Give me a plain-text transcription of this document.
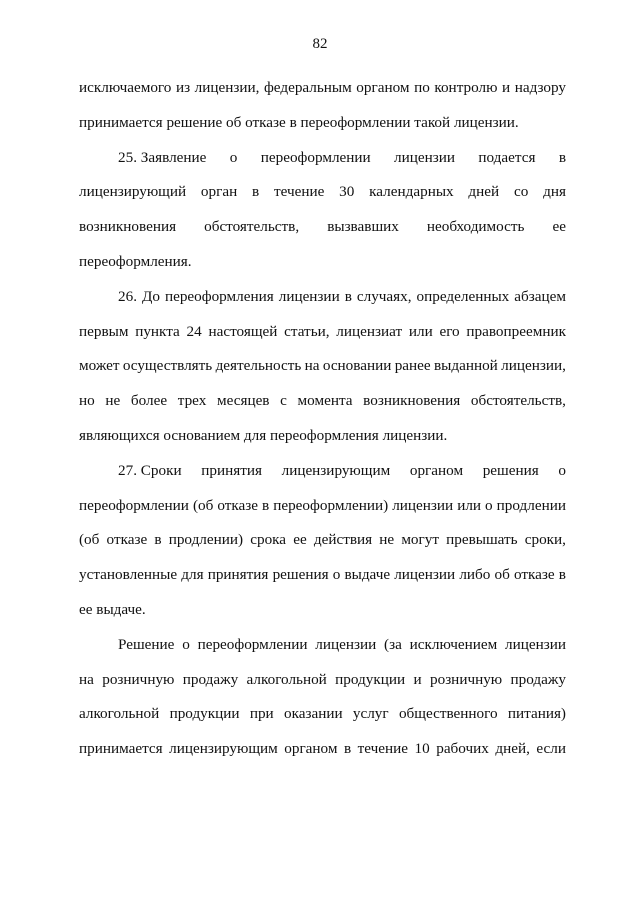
82
исключаемого из лицензии, федеральным органом по контролю и надзору
принимается решение об отказе в переоформлении такой лицензии.
25. Заявление о переоформлении лицензии подается в
лицензирующий орган в течение 30 календарных дней со дня
возникновения обстоятельств, вызвавших необходимость ее
переоформления.
26. До переоформления лицензии в случаях, определенных абзацем
первым пункта 24 настоящей статьи, лицензиат или его правопреемник
может осуществлять деятельность на основании ранее выданной лицензии,
но не более трех месяцев с момента возникновения обстоятельств,
являющихся основанием для переоформления лицензии.
27. Сроки принятия лицензирующим органом решения о
переоформлении (об отказе в переоформлении) лицензии или о продлении
(об отказе в продлении) срока ее действия не могут превышать сроки,
установленные для принятия решения о выдаче лицензии либо об отказе в
ее выдаче.
Решение о переоформлении лицензии (за исключением лицензии
на розничную продажу алкогольной продукции и розничную продажу
алкогольной продукции при оказании услуг общественного питания)
принимается лицензирующим органом в течение 10 рабочих дней, если
